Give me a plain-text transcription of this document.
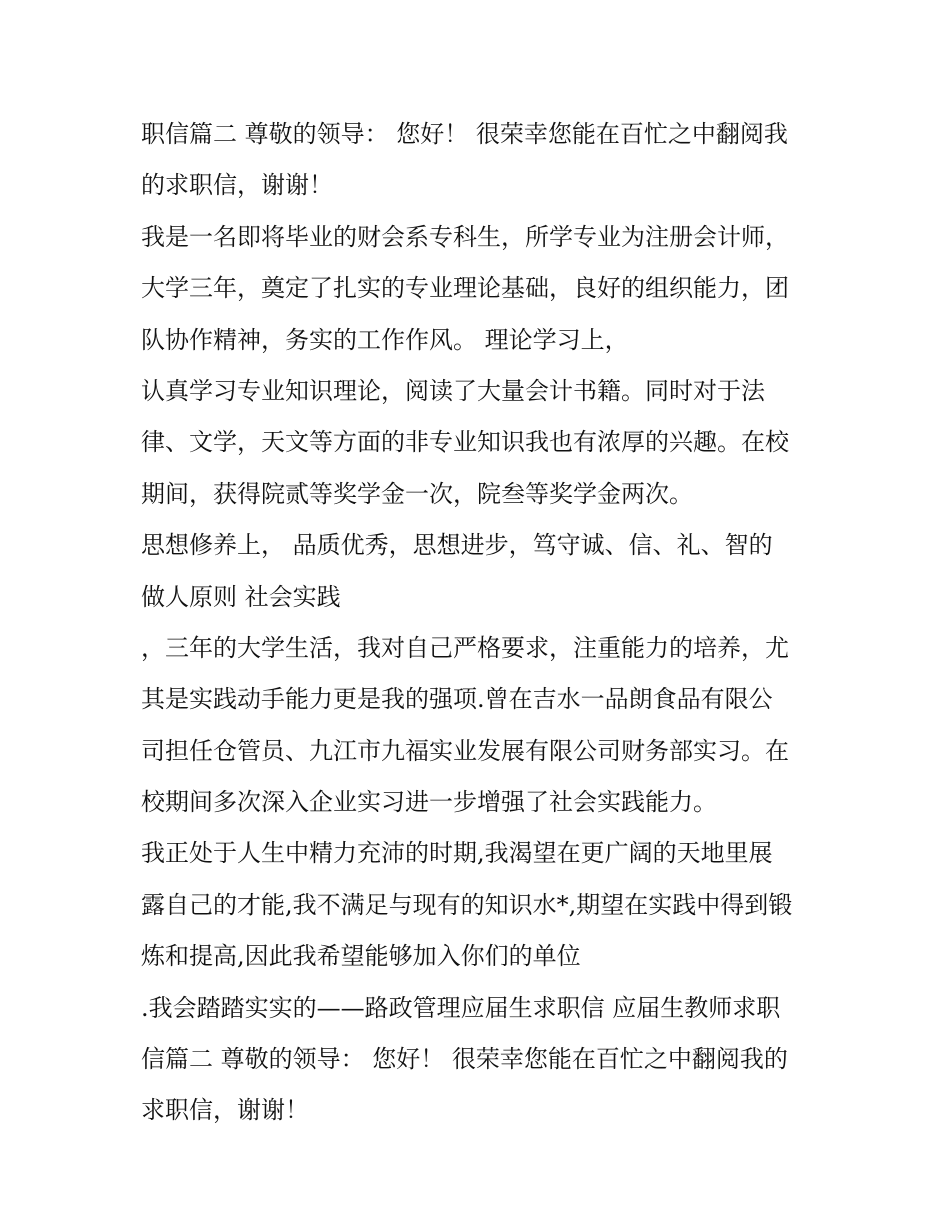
职信篇二 尊敬的领导： 您好！ 很荣幸您能在百忙之中翻阅我
的求职信，谢谢！
我是一名即将毕业的财会系专科生，所学专业为注册会计师，
大学三年，奠定了扎实的专业理论基础，良好的组织能力，团
队协作精神，务实的工作作风。 理论学习上，
认真学习专业知识理论，阅读了大量会计书籍。同时对于法
律、文学，天文等方面的非专业知识我也有浓厚的兴趣。在校
期间，获得院贰等奖学金一次，院叁等奖学金两次。
思想修养上， 品质优秀，思想进步，笃守诚、信、礼、智的
做人原则 社会实践
，三年的大学生活，我对自己严格要求，注重能力的培养，尤
其是实践动手能力更是我的强项.曾在吉水一品朗食品有限公
司担任仓管员、九江市九福实业发展有限公司财务部实习。在
校期间多次深入企业实习进一步增强了社会实践能力。
我正处于人生中精力充沛的时期,我渴望在更广阔的天地里展
露自己的才能,我不满足与现有的知识水*,期望在实践中得到锻
炼和提高,因此我希望能够加入你们的单位
.我会踏踏实实的——路政管理应届生求职信 应届生教师求职
信篇二 尊敬的领导： 您好！ 很荣幸您能在百忙之中翻阅我的
求职信，谢谢！
